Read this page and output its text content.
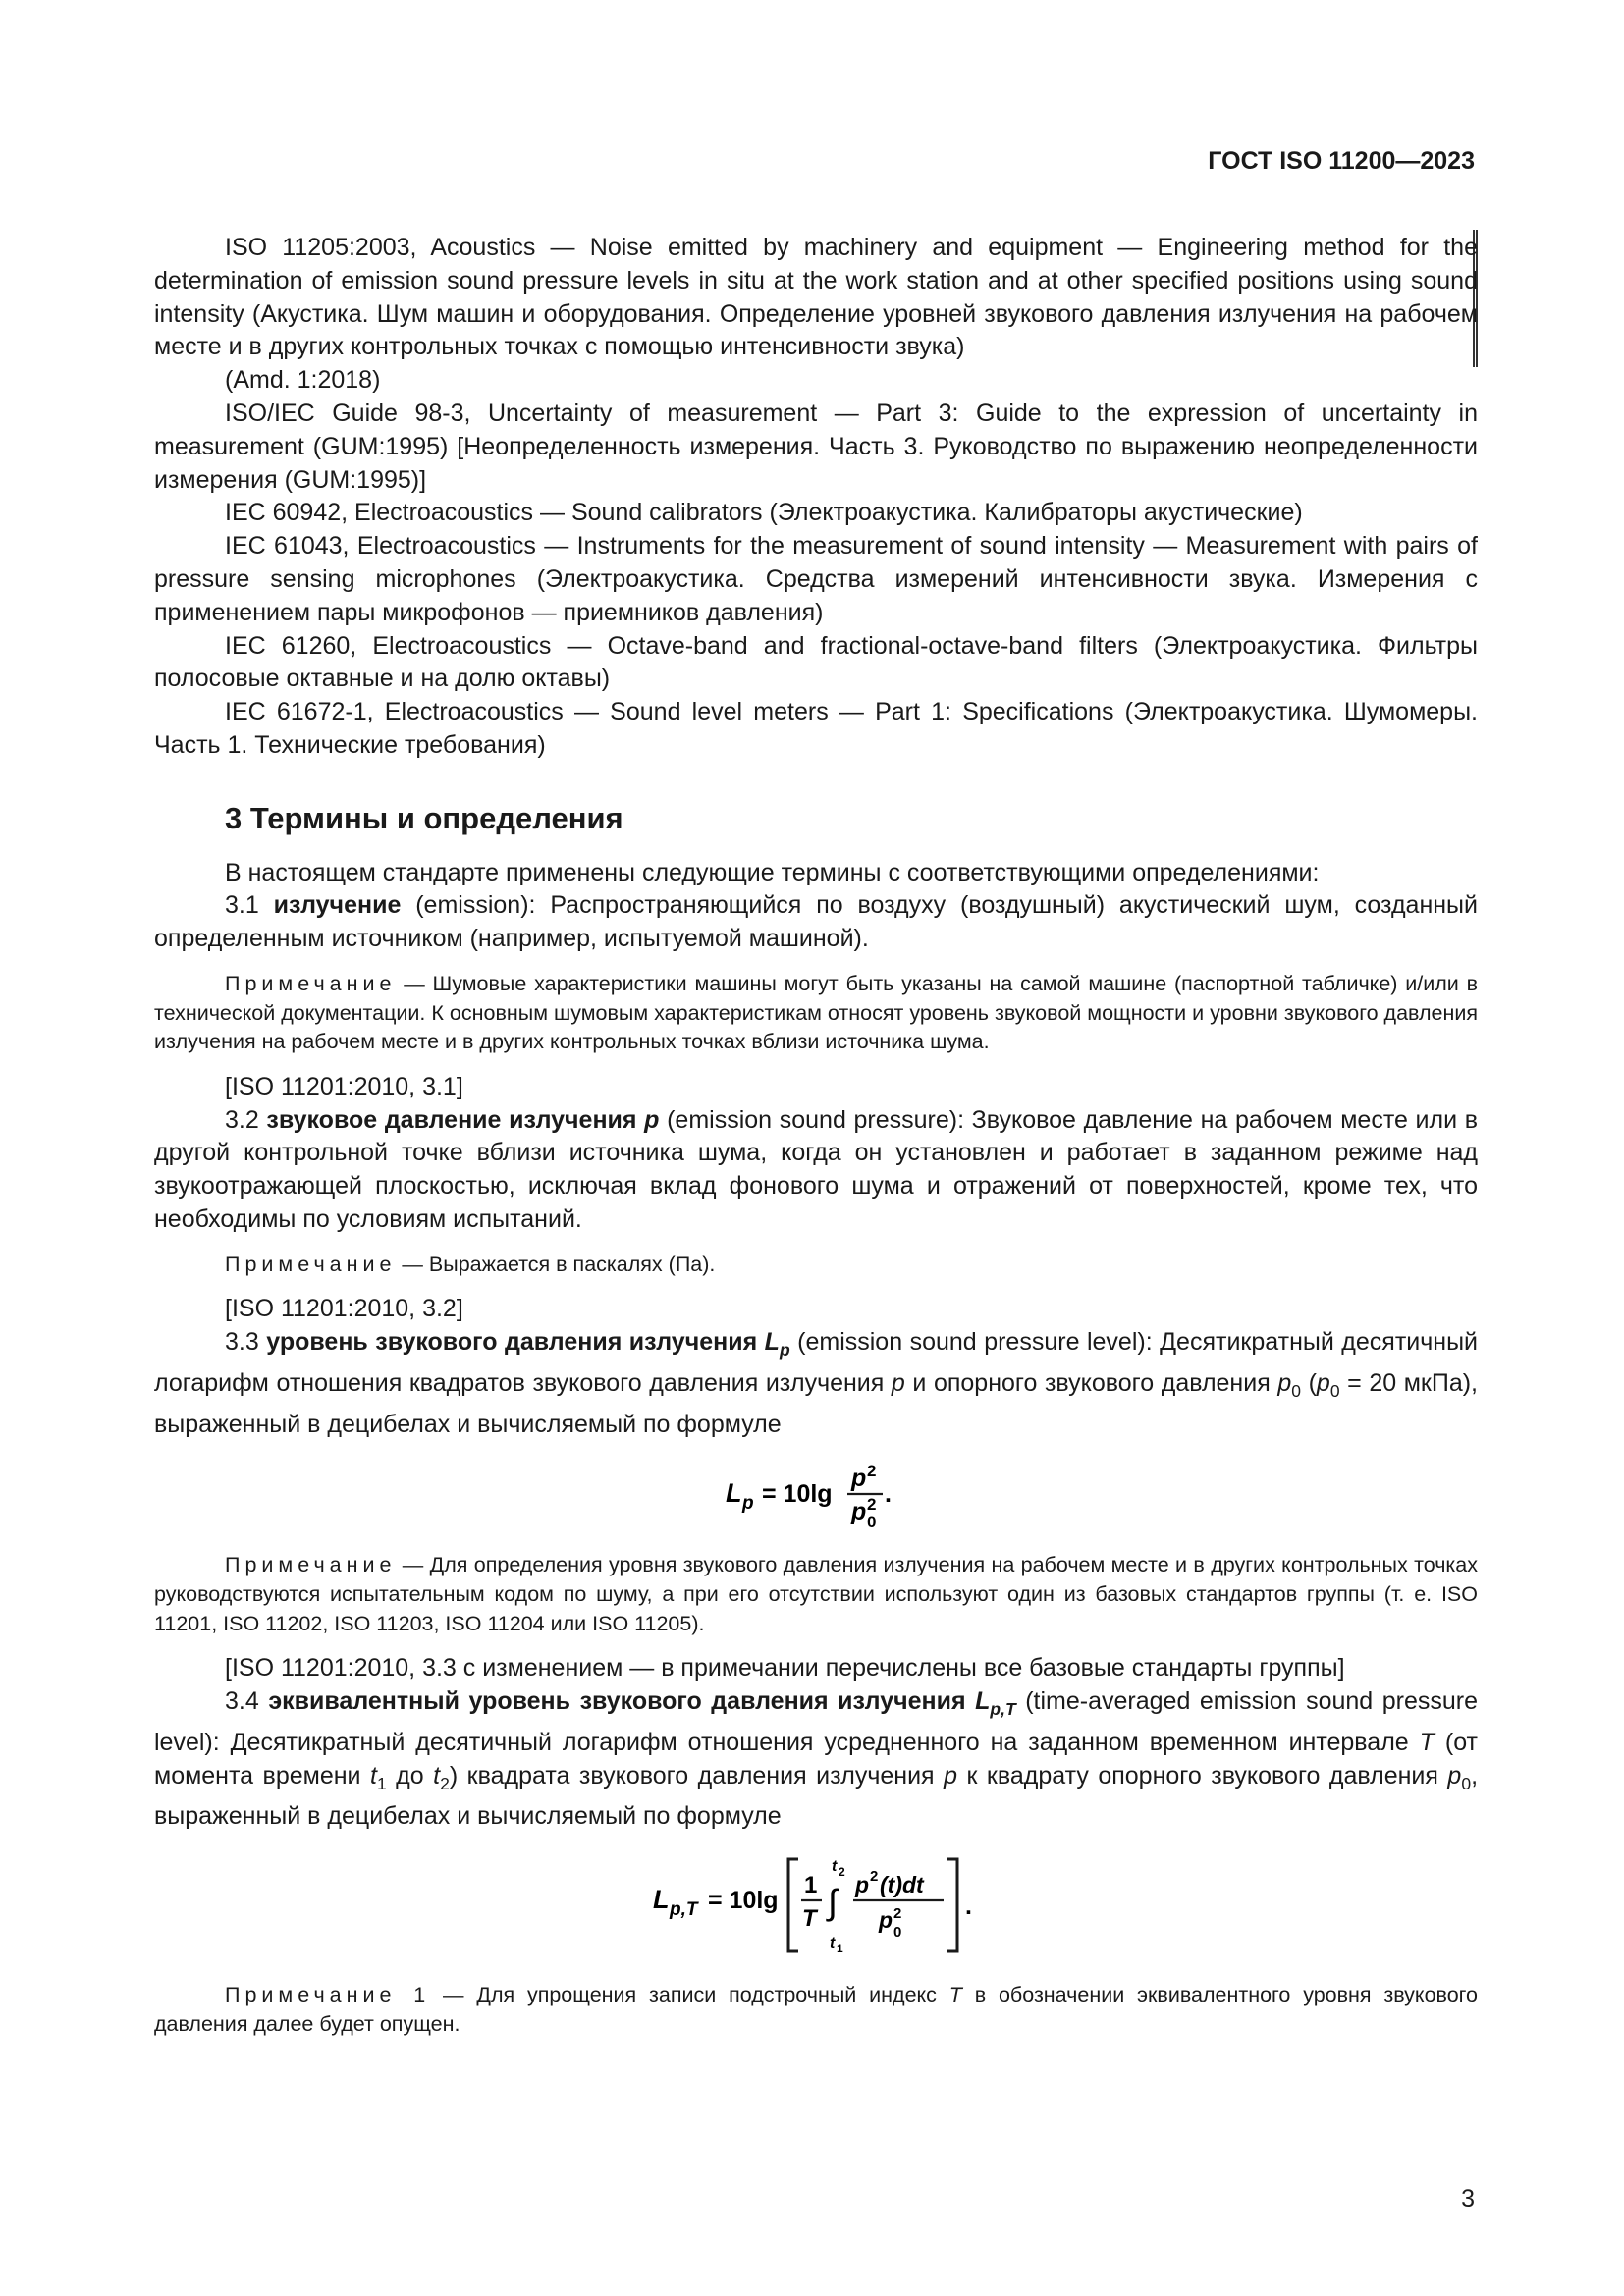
ГОСТ ISO 11200—2023

ISO 11205:2003, Acoustics — Noise emitted by machinery and equipment — Engineering method for the determination of emission sound pressure levels in situ at the work station and at other specified positions using sound intensity (Акустика. Шум машин и оборудования. Определение уровней звукового давления излучения на рабочем месте и в других контрольных точках с помощью интенсивности звука)

(Amd. 1:2018)

ISO/IEC Guide 98-3, Uncertainty of measurement — Part 3: Guide to the expression of uncertainty in measurement (GUM:1995) [Неопределенность измерения. Часть 3. Руководство по выражению неопределенности измерения (GUM:1995)]

IEC 60942, Electroacoustics — Sound calibrators (Электроакустика. Калибраторы акустические)

IEC 61043, Electroacoustics — Instruments for the measurement of sound intensity — Measurement with pairs of pressure sensing microphones (Электроакустика. Средства измерений интенсивности звука. Измерения с применением пары микрофонов — приемников давления)

IEC 61260, Electroacoustics — Octave-band and fractional-octave-band filters (Электроакустика. Фильтры полосовые октавные и на долю октавы)

IEC 61672-1, Electroacoustics — Sound level meters — Part 1: Specifications (Электроакустика. Шумомеры. Часть 1. Технические требования)

3 Термины и определения

В настоящем стандарте применены следующие термины с соответствующими определениями:

3.1 излучение (emission): Распространяющийся по воздуху (воздушный) акустический шум, созданный определенным источником (например, испытуемой машиной).

Примечание — Шумовые характеристики машины могут быть указаны на самой машине (паспортной табличке) и/или в технической документации. К основным шумовым характеристикам относят уровень звуковой мощности и уровни звукового давления излучения на рабочем месте и в других контрольных точках вблизи источника шума.

[ISO 11201:2010, 3.1]

3.2 звуковое давление излучения p (emission sound pressure): Звуковое давление на рабочем месте или в другой контрольной точке вблизи источника шума, когда он установлен и работает в заданном режиме над звукоотражающей плоскостью, исключая вклад фонового шума и отражений от поверхностей, кроме тех, что необходимы по условиям испытаний.

Примечание — Выражается в паскалях (Па).

[ISO 11201:2010, 3.2]

3.3 уровень звукового давления излучения $L_p$ (emission sound pressure level): Десятикратный десятичный логарифм отношения квадратов звукового давления излучения p и опорного звукового давления $p_0$ ($p_0 = 20$ мкПа), выраженный в децибелах и вычисляемый по формуле

L p = 10lg
p 2
p 2
0
.

Примечание — Для определения уровня звукового давления излучения на рабочем месте и в других контрольных точках руководствуются испытательным кодом по шуму, а при его отсутствии используют один из базовых стандартов группы (т. е. ISO 11201, ISO 11202, ISO 11203, ISO 11204 или ISO 11205).

[ISO 11201:2010, 3.3 с изменением — в примечании перечислены все базовые стандарты группы]

3.4 эквивалентный уровень звукового давления излучения $L_{p,T}$ (time-averaged emission sound pressure level): Десятикратный десятичный логарифм отношения усредненного на заданном временном интервале T (от момента времени $t_1$ до $t_2$) квадрата звукового давления излучения p к квадрату опорного звукового давления $p_0$, выраженный в децибелах и вычисляемый по формуле

L p,T = 10lg
1
T ∫
t 2
t 1
p 2 (t)dt
p 2
0
.

Примечание 1 — Для упрощения записи подстрочный индекс T в обозначении эквивалентного уровня звукового давления далее будет опущен.

3
